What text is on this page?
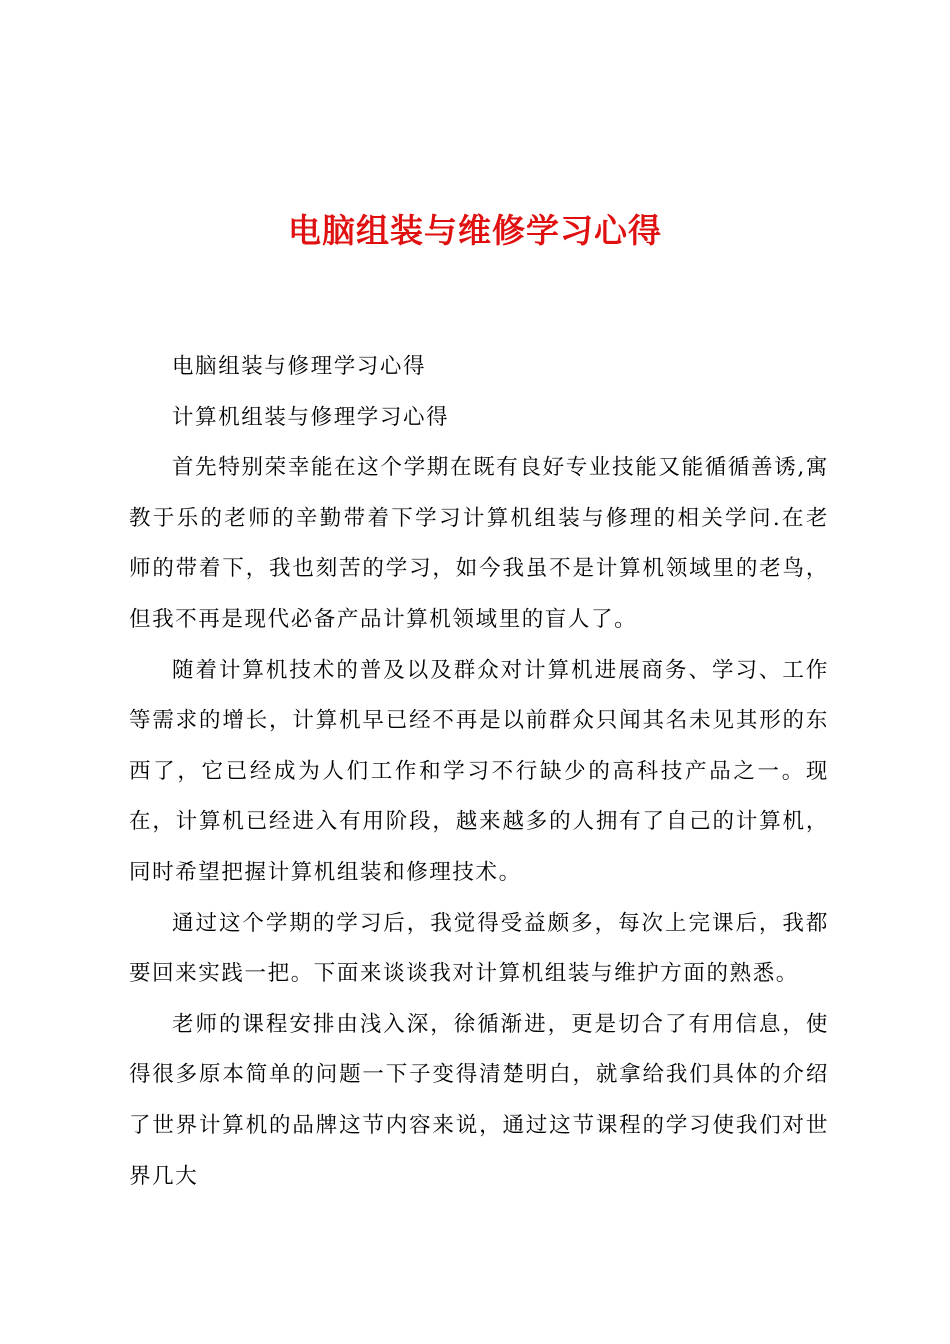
电脑组装与维修学习心得

电脑组装与修理学习心得

计算机组装与修理学习心得

首先特别荣幸能在这个学期在既有良好专业技能又能循循善诱,寓教于乐的老师的辛勤带着下学习计算机组装与修理的相关学问.在老师的带着下，我也刻苦的学习，如今我虽不是计算机领域里的老鸟，但我不再是现代必备产品计算机领域里的盲人了。

随着计算机技术的普及以及群众对计算机进展商务、学习、工作等需求的增长，计算机早已经不再是以前群众只闻其名未见其形的东西了，它已经成为人们工作和学习不行缺少的高科技产品之一。现在，计算机已经进入有用阶段，越来越多的人拥有了自己的计算机，同时希望把握计算机组装和修理技术。

通过这个学期的学习后，我觉得受益颇多，每次上完课后，我都要回来实践一把。下面来谈谈我对计算机组装与维护方面的熟悉。

老师的课程安排由浅入深，徐循渐进，更是切合了有用信息，使得很多原本简单的问题一下子变得清楚明白，就拿给我们具体的介绍了世界计算机的品牌这节内容来说，通过这节课程的学习使我们对世界几大
